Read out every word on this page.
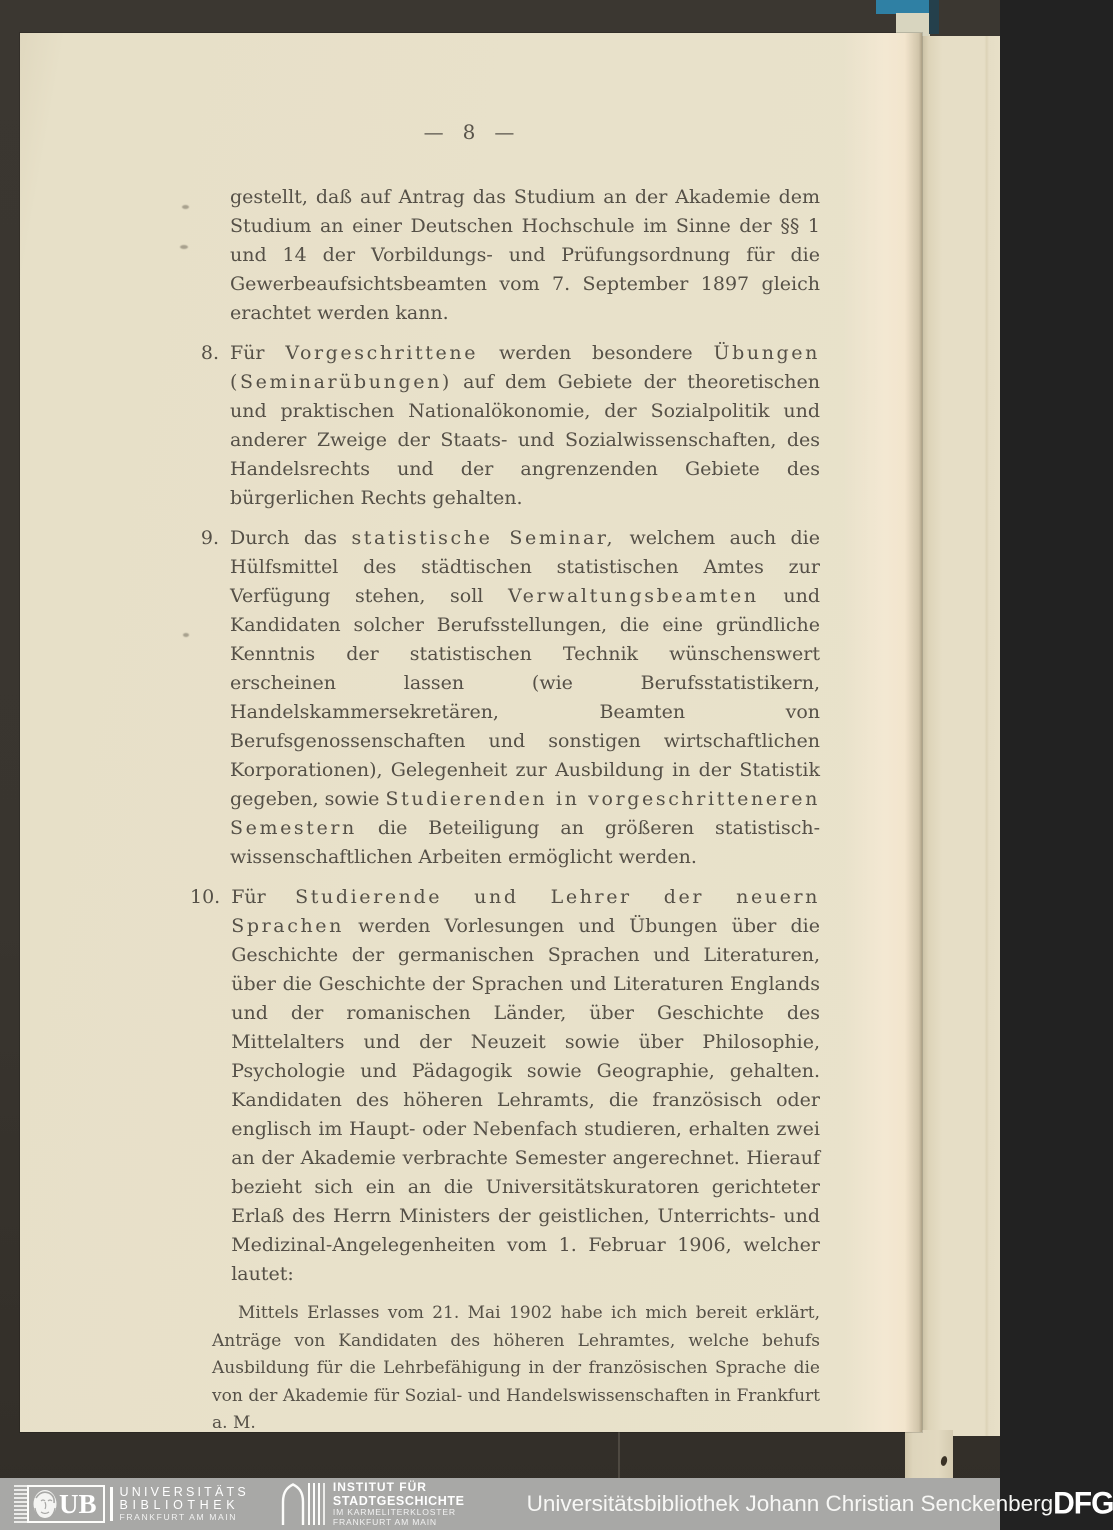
— 8 —
gestellt, daß auf Antrag das Studium an der Akademie dem Studium an einer Deutschen Hochschule im Sinne der §§ 1 und 14 der Vorbildungs- und Prüfungsordnung für die Gewerbeaufsichtsbeamten vom 7. September 1897 gleich erachtet werden kann.
8. Für Vorgeschrittene werden besondere Übungen (Seminarübungen) auf dem Gebiete der theoretischen und praktischen Nationalökonomie, der Sozialpolitik und anderer Zweige der Staats- und Sozialwissenschaften, des Handelsrechts und der angrenzenden Gebiete des bürgerlichen Rechts gehalten.
9. Durch das statistische Seminar, welchem auch die Hülfsmittel des städtischen statistischen Amtes zur Verfügung stehen, soll Verwaltungsbeamten und Kandidaten solcher Berufsstellungen, die eine gründliche Kenntnis der statistischen Technik wünschenswert erscheinen lassen (wie Berufsstatistikern, Handelskammersekretären, Beamten von Berufsgenossenschaften und sonstigen wirtschaftlichen Korporationen), Gelegenheit zur Ausbildung in der Statistik gegeben, sowie Studierenden in vorgeschritteneren Semestern die Beteiligung an größeren statistisch-wissenschaftlichen Arbeiten ermöglicht werden.
10. Für Studierende und Lehrer der neuern Sprachen werden Vorlesungen und Übungen über die Geschichte der germanischen Sprachen und Literaturen, über die Geschichte der Sprachen und Literaturen Englands und der romanischen Länder, über Geschichte des Mittelalters und der Neuzeit sowie über Philosophie, Psychologie und Pädagogik sowie Geographie, gehalten. Kandidaten des höheren Lehramts, die französisch oder englisch im Haupt- oder Nebenfach studieren, erhalten zwei an der Akademie verbrachte Semester angerechnet. Hierauf bezieht sich ein an die Universitätskuratoren gerichteter Erlaß des Herrn Ministers der geistlichen, Unterrichts- und Medizinal-Angelegenheiten vom 1. Februar 1906, welcher lautet:
Mittels Erlasses vom 21. Mai 1902 habe ich mich bereit erklärt, Anträge von Kandidaten des höheren Lehramtes, welche behufs Ausbildung für die Lehrbefähigung in der französischen Sprache die von der Akademie für Sozial- und Handelswissenschaften in Frankfurt a. M.
UB UNIVERSITÄTS
BIBLIOTHEK
FRANKFURT AM MAIN
INSTITUT FÜR
STADTGESCHICHTE
IM KARMELITERKLOSTER
FRANKFURT AM MAIN
Universitätsbibliothek Johann Christian Senckenberg DFG
